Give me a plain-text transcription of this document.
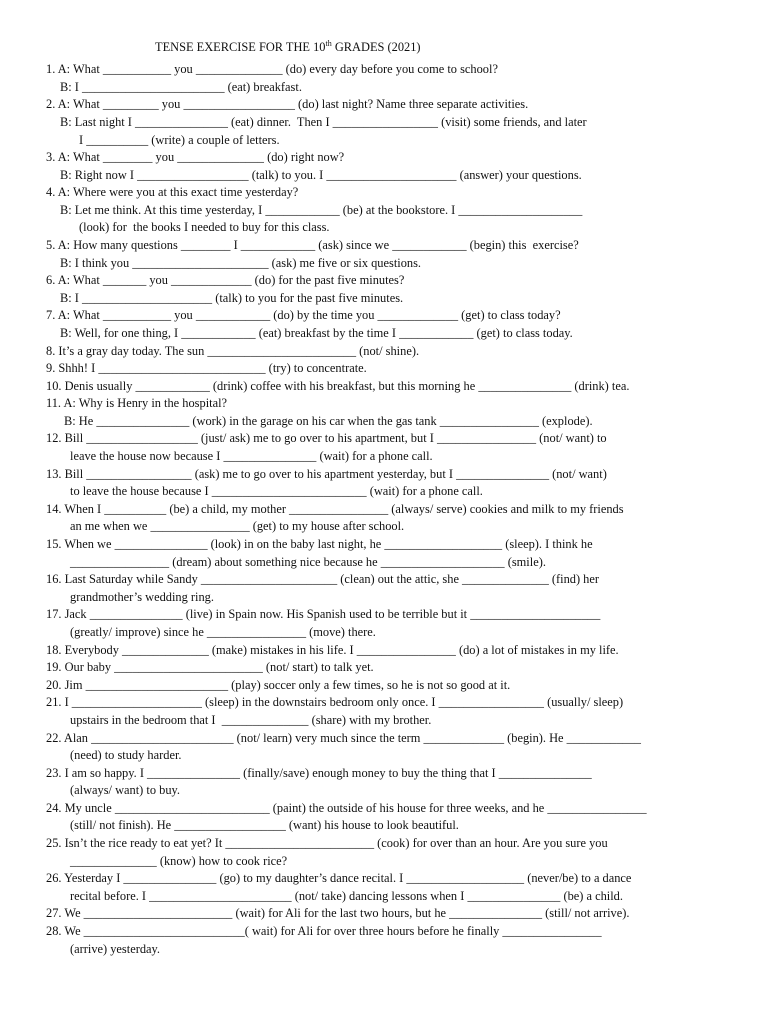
TENSE EXERCISE FOR THE 10th GRADES (2021)
1. A: What ___________ you ______________ (do) every day before you come to school?
B: I _______________________ (eat) breakfast.
2. A: What _________ you __________________ (do) last night? Name three separate activities.
B: Last night I _______________ (eat) dinner.  Then I _________________ (visit) some friends, and later
I __________ (write) a couple of letters.
3. A: What ________ you ______________ (do) right now?
B: Right now I __________________ (talk) to you. I _____________________ (answer) your questions.
4. A: Where were you at this exact time yesterday?
B: Let me think. At this time yesterday, I ____________ (be) at the bookstore. I ____________________
(look) for  the books I needed to buy for this class.
5. A: How many questions ________ I ____________ (ask) since we ____________ (begin) this  exercise?
B: I think you ______________________ (ask) me five or six questions.
6. A: What _______ you _____________ (do) for the past five minutes?
B: I _____________________ (talk) to you for the past five minutes.
7. A: What ___________ you ____________ (do) by the time you _____________ (get) to class today?
B: Well, for one thing, I ____________ (eat) breakfast by the time I ____________ (get) to class today.
8. It’s a gray day today. The sun ________________________ (not/ shine).
9. Shhh! I ___________________________ (try) to concentrate.
10. Denis usually ____________ (drink) coffee with his breakfast, but this morning he _______________ (drink) tea.
11. A: Why is Henry in the hospital?
B: He _______________ (work) in the garage on his car when the gas tank ________________ (explode).
12. Bill __________________ (just/ ask) me to go over to his apartment, but I ________________ (not/ want) to
leave the house now because I _______________ (wait) for a phone call.
13. Bill _________________ (ask) me to go over to his apartment yesterday, but I _______________ (not/ want)
to leave the house because I _________________________ (wait) for a phone call.
14. When I __________ (be) a child, my mother ________________ (always/ serve) cookies and milk to my friends
an me when we ________________ (get) to my house after school.
15. When we _______________ (look) in on the baby last night, he ___________________ (sleep). I think he
________________ (dream) about something nice because he ____________________ (smile).
16. Last Saturday while Sandy ______________________ (clean) out the attic, she ______________ (find) her
grandmother’s wedding ring.
17. Jack _______________ (live) in Spain now. His Spanish used to be terrible but it _____________________
(greatly/ improve) since he ________________ (move) there.
18. Everybody ______________ (make) mistakes in his life. I ________________ (do) a lot of mistakes in my life.
19. Our baby ________________________ (not/ start) to talk yet.
20. Jim _______________________ (play) soccer only a few times, so he is not so good at it.
21. I _____________________ (sleep) in the downstairs bedroom only once. I _________________ (usually/ sleep)
upstairs in the bedroom that I  ______________ (share) with my brother.
22. Alan _______________________ (not/ learn) very much since the term _____________ (begin). He ____________
(need) to study harder.
23. I am so happy. I _______________ (finally/save) enough money to buy the thing that I _______________
(always/ want) to buy.
24. My uncle _________________________ (paint) the outside of his house for three weeks, and he ________________
(still/ not finish). He __________________ (want) his house to look beautiful.
25. Isn’t the rice ready to eat yet? It ________________________ (cook) for over than an hour. Are you sure you
______________ (know) how to cook rice?
26. Yesterday I _______________ (go) to my daughter’s dance recital. I ___________________ (never/be) to a dance
recital before. I _______________________ (not/ take) dancing lessons when I _______________ (be) a child.
27. We ________________________ (wait) for Ali for the last two hours, but he _______________ (still/ not arrive).
28. We __________________________( wait) for Ali for over three hours before he finally ________________
(arrive) yesterday.
